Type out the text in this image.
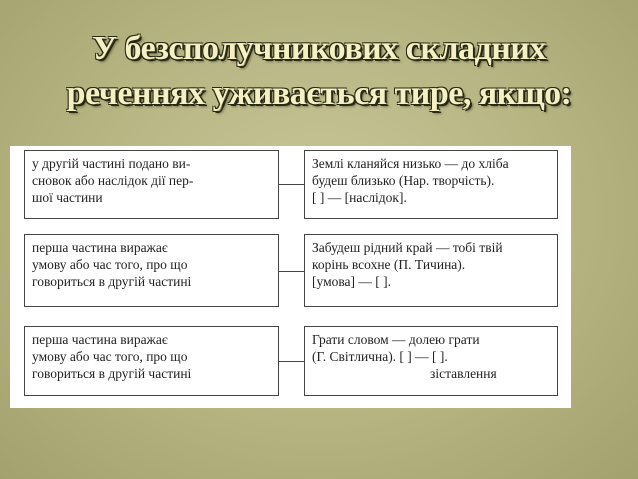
У безсполучникових складних
реченнях уживається тире, якщо:
у другій частині подано ви-
сновок або наслідок дії пер-
шої частини
Землі кланяйся низько — до хліба
будеш близько (Нар. творчість).
[ ] — [наслідок].
перша частина виражає
умову або час того, про що
говориться в другій частині
Забудеш рідний край — тобі твій
корінь всохне (П. Тичина).
[умова] — [ ].
перша частина виражає
умову або час того, про що
говориться в другій частині
Грати словом — долею грати
(Г. Світлична). [ ] — [ ].
зіставлення
